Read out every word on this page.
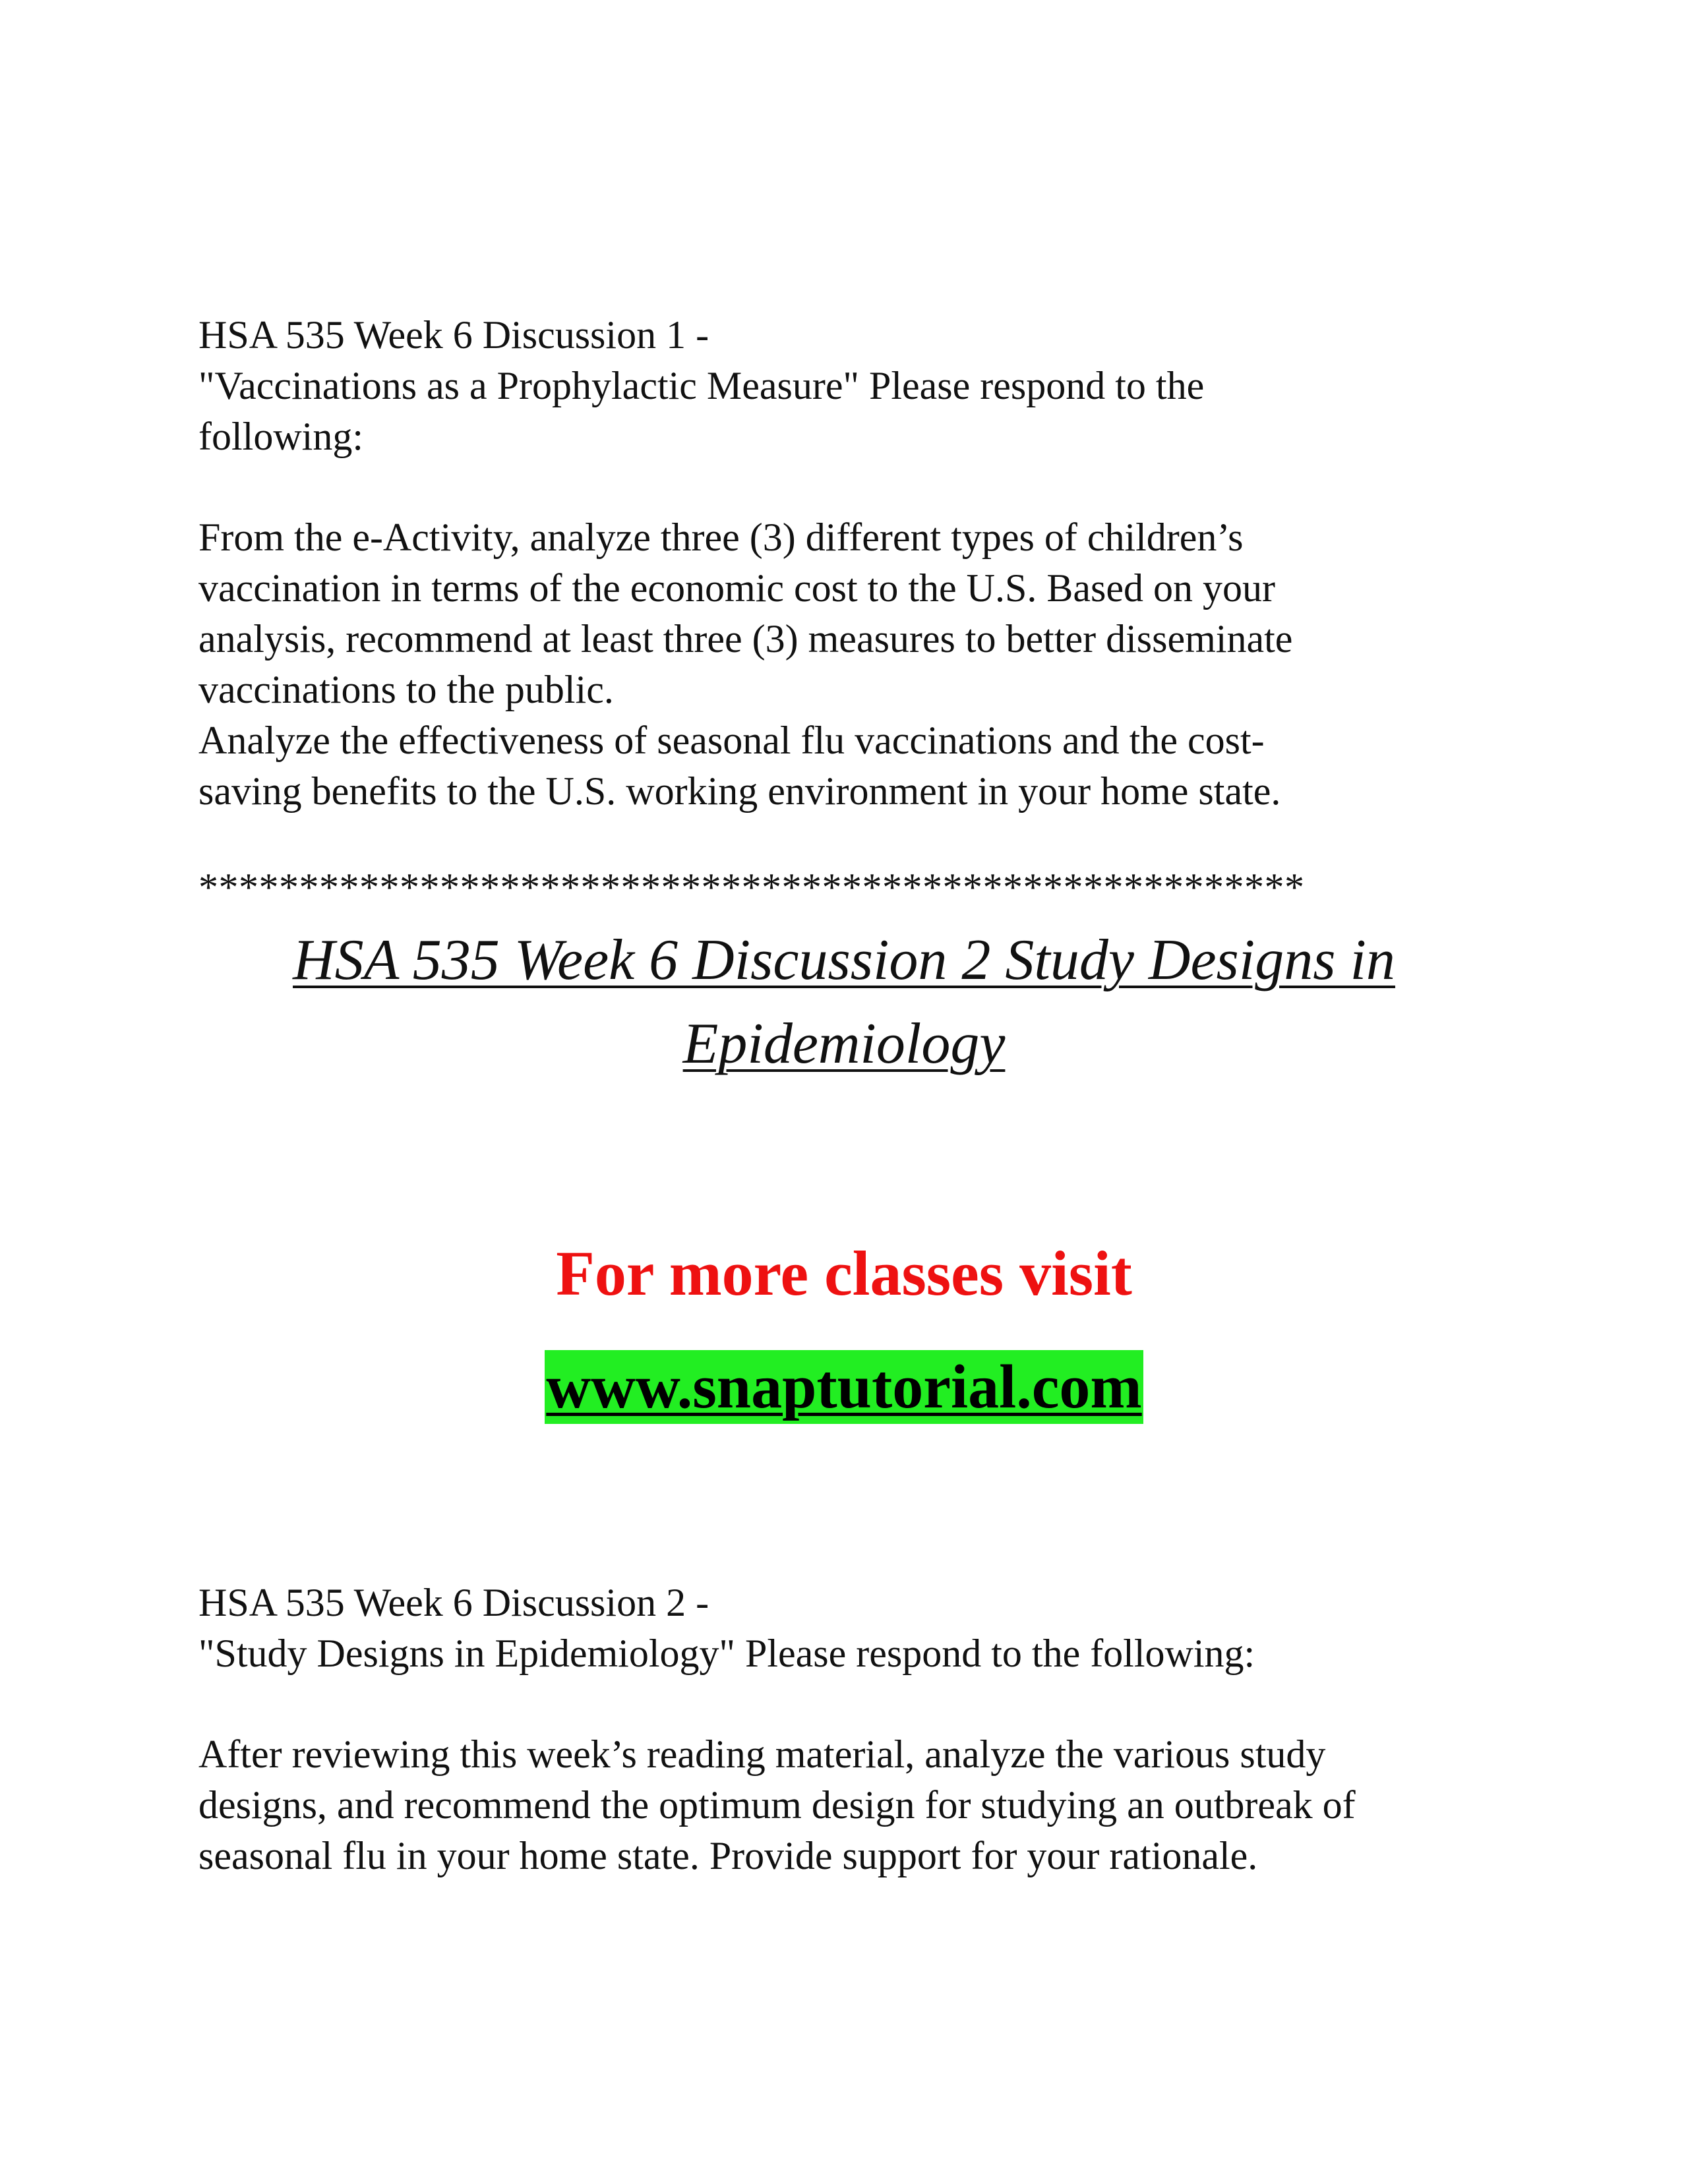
HSA 535 Week 6 Discussion 1 -
"Vaccinations as a Prophylactic Measure" Please respond to the
following:
From the e-Activity, analyze three (3) different types of children’s
vaccination in terms of the economic cost to the U.S. Based on your
analysis, recommend at least three (3) measures to better disseminate
vaccinations to the public.
Analyze the effectiveness of seasonal flu vaccinations and the cost-
saving benefits to the U.S. working environment in your home state.
*******************************************************
HSA 535 Week 6 Discussion 2 Study Designs in
Epidemiology
For more classes visit
www.snaptutorial.com
HSA 535 Week 6 Discussion 2 -
"Study Designs in Epidemiology" Please respond to the following:
After reviewing this week’s reading material, analyze the various study
designs, and recommend the optimum design for studying an outbreak of
seasonal flu in your home state. Provide support for your rationale.
